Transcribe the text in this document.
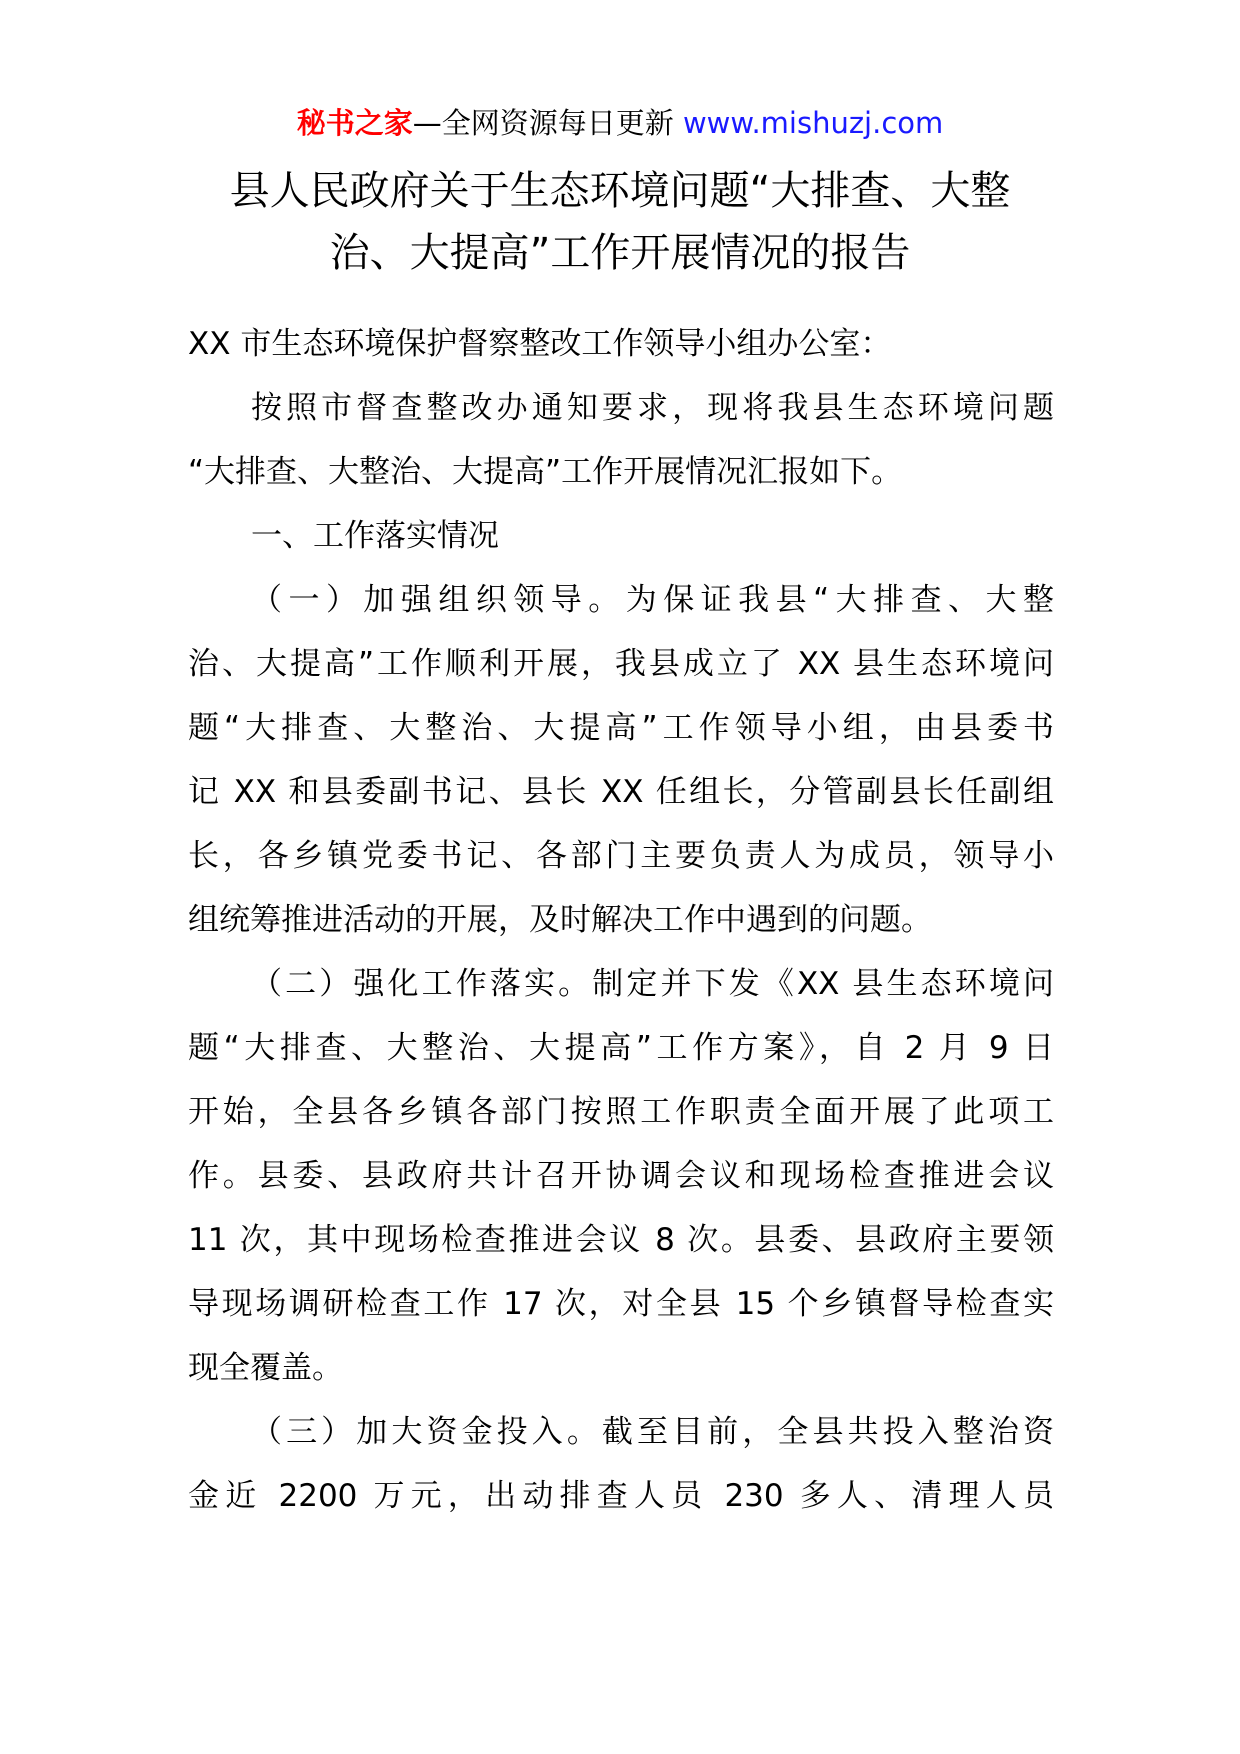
秘书之家—全网资源每日更新 www.mishuzj.com
县人民政府关于生态环境问题“大排查、大整
治、大提高”工作开展情况的报告
XX 市生态环境保护督察整改工作领导小组办公室：
按照市督查整改办通知要求，现将我县生态环境问题
“大排查、大整治、大提高”工作开展情况汇报如下。
一、工作落实情况
（一）加强组织领导。为保证我县“大排查、大整
治、大提高”工作顺利开展，我县成立了 XX 县生态环境问
题“大排查、大整治、大提高”工作领导小组，由县委书
记 XX 和县委副书记、县长 XX 任组长，分管副县长任副组
长，各乡镇党委书记、各部门主要负责人为成员，领导小
组统筹推进活动的开展，及时解决工作中遇到的问题。
（二）强化工作落实。制定并下发《XX 县生态环境问
题“大排查、大整治、大提高”工作方案》，自 2 月 9 日
开始，全县各乡镇各部门按照工作职责全面开展了此项工
作。县委、县政府共计召开协调会议和现场检查推进会议
11 次，其中现场检查推进会议 8 次。县委、县政府主要领
导现场调研检查工作 17 次，对全县 15 个乡镇督导检查实
现全覆盖。
（三）加大资金投入。截至目前，全县共投入整治资
金近 2200 万元，出动排查人员 230 多人、清理人员
